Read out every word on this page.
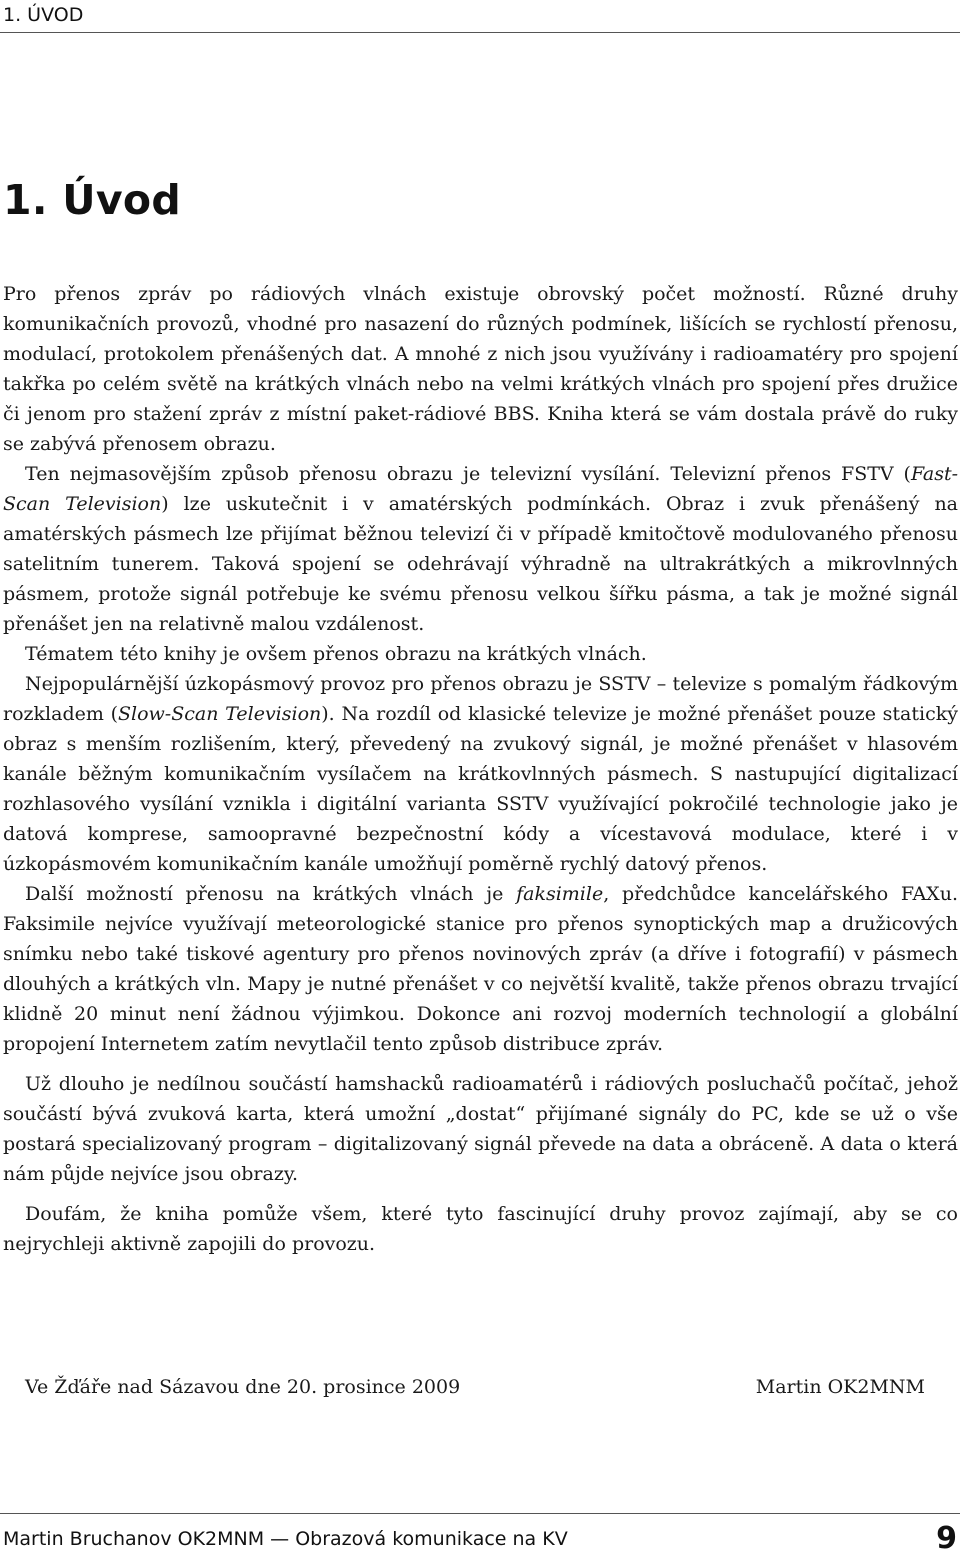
1. ÚVOD
1. Úvod

Pro přenos zpráv po rádiových vlnách existuje obrovský počet možností. Různé druhy komunikačních provozů, vhodné pro nasazení do různých podmínek, lišících se rychlostí přenosu, modulací, protokolem přenášených dat. A mnohé z nich jsou využívány i radioamatéry pro spojení takřka po celém světě na krátkých vlnách nebo na velmi krátkých vlnách pro spojení přes družice či jenom pro stažení zpráv z místní paket-rádiové BBS. Kniha která se vám dostala právě do ruky se zabývá přenosem obrazu.

Ten nejmasovějším způsob přenosu obrazu je televizní vysílání. Televizní přenos FSTV (Fast-Scan Television) lze uskutečnit i v amatérských podmínkách. Obraz i zvuk přenášený na amatérských pásmech lze přijímat běžnou televizí či v případě kmitočtově modulovaného přenosu satelitním tunerem. Taková spojení se odehrávají výhradně na ultrakrátkých a mikrovlnných pásmem, protože signál potřebuje ke svému přenosu velkou šířku pásma, a tak je možné signál přenášet jen na relativně malou vzdálenost.

Tématem této knihy je ovšem přenos obrazu na krátkých vlnách.

Nejpopulárnější úzkopásmový provoz pro přenos obrazu je SSTV – televize s pomalým řádkovým rozkladem (Slow-Scan Television). Na rozdíl od klasické televize je možné přenášet pouze statický obraz s menším rozlišením, který, převedený na zvukový signál, je možné přenášet v hlasovém kanále běžným komunikačním vysílačem na krátkovlnných pásmech. S nastupující digitalizací rozhlasového vysílání vznikla i digitální varianta SSTV využívající pokročilé technologie jako je datová komprese, samoopravné bezpečnostní kódy a vícestavová modulace, které i v úzkopásmovém komunikačním kanále umožňují poměrně rychlý datový přenos.

Další možností přenosu na krátkých vlnách je faksimile, předchůdce kancelářského FAXu. Faksimile nejvíce využívají meteorologické stanice pro přenos synoptických map a družicových snímku nebo také tiskové agentury pro přenos novinových zpráv (a dříve i fotografií) v pásmech dlouhých a krátkých vln. Mapy je nutné přenášet v co největší kvalitě, takže přenos obrazu trvající klidně 20 minut není žádnou výjimkou. Dokonce ani rozvoj moderních technologií a globální propojení Internetem zatím nevytlačil tento způsob distribuce zpráv.

Už dlouho je nedílnou součástí hamshacků radioamatérů i rádiových posluchačů počítač, jehož součástí bývá zvuková karta, která umožní „dostat“ přijímané signály do PC, kde se už o vše postará specializovaný program – digitalizovaný signál převede na data a obráceně. A data o která nám půjde nejvíce jsou obrazy.

Doufám, že kniha pomůže všem, které tyto fascinující druhy provoz zajímají, aby se co nejrychleji aktivně zapojili do provozu.

Ve Žďáře nad Sázavou dne 20. prosince 2009	Martin OK2MNM
Martin Bruchanov OK2MNM — Obrazová komunikace na KV	9
